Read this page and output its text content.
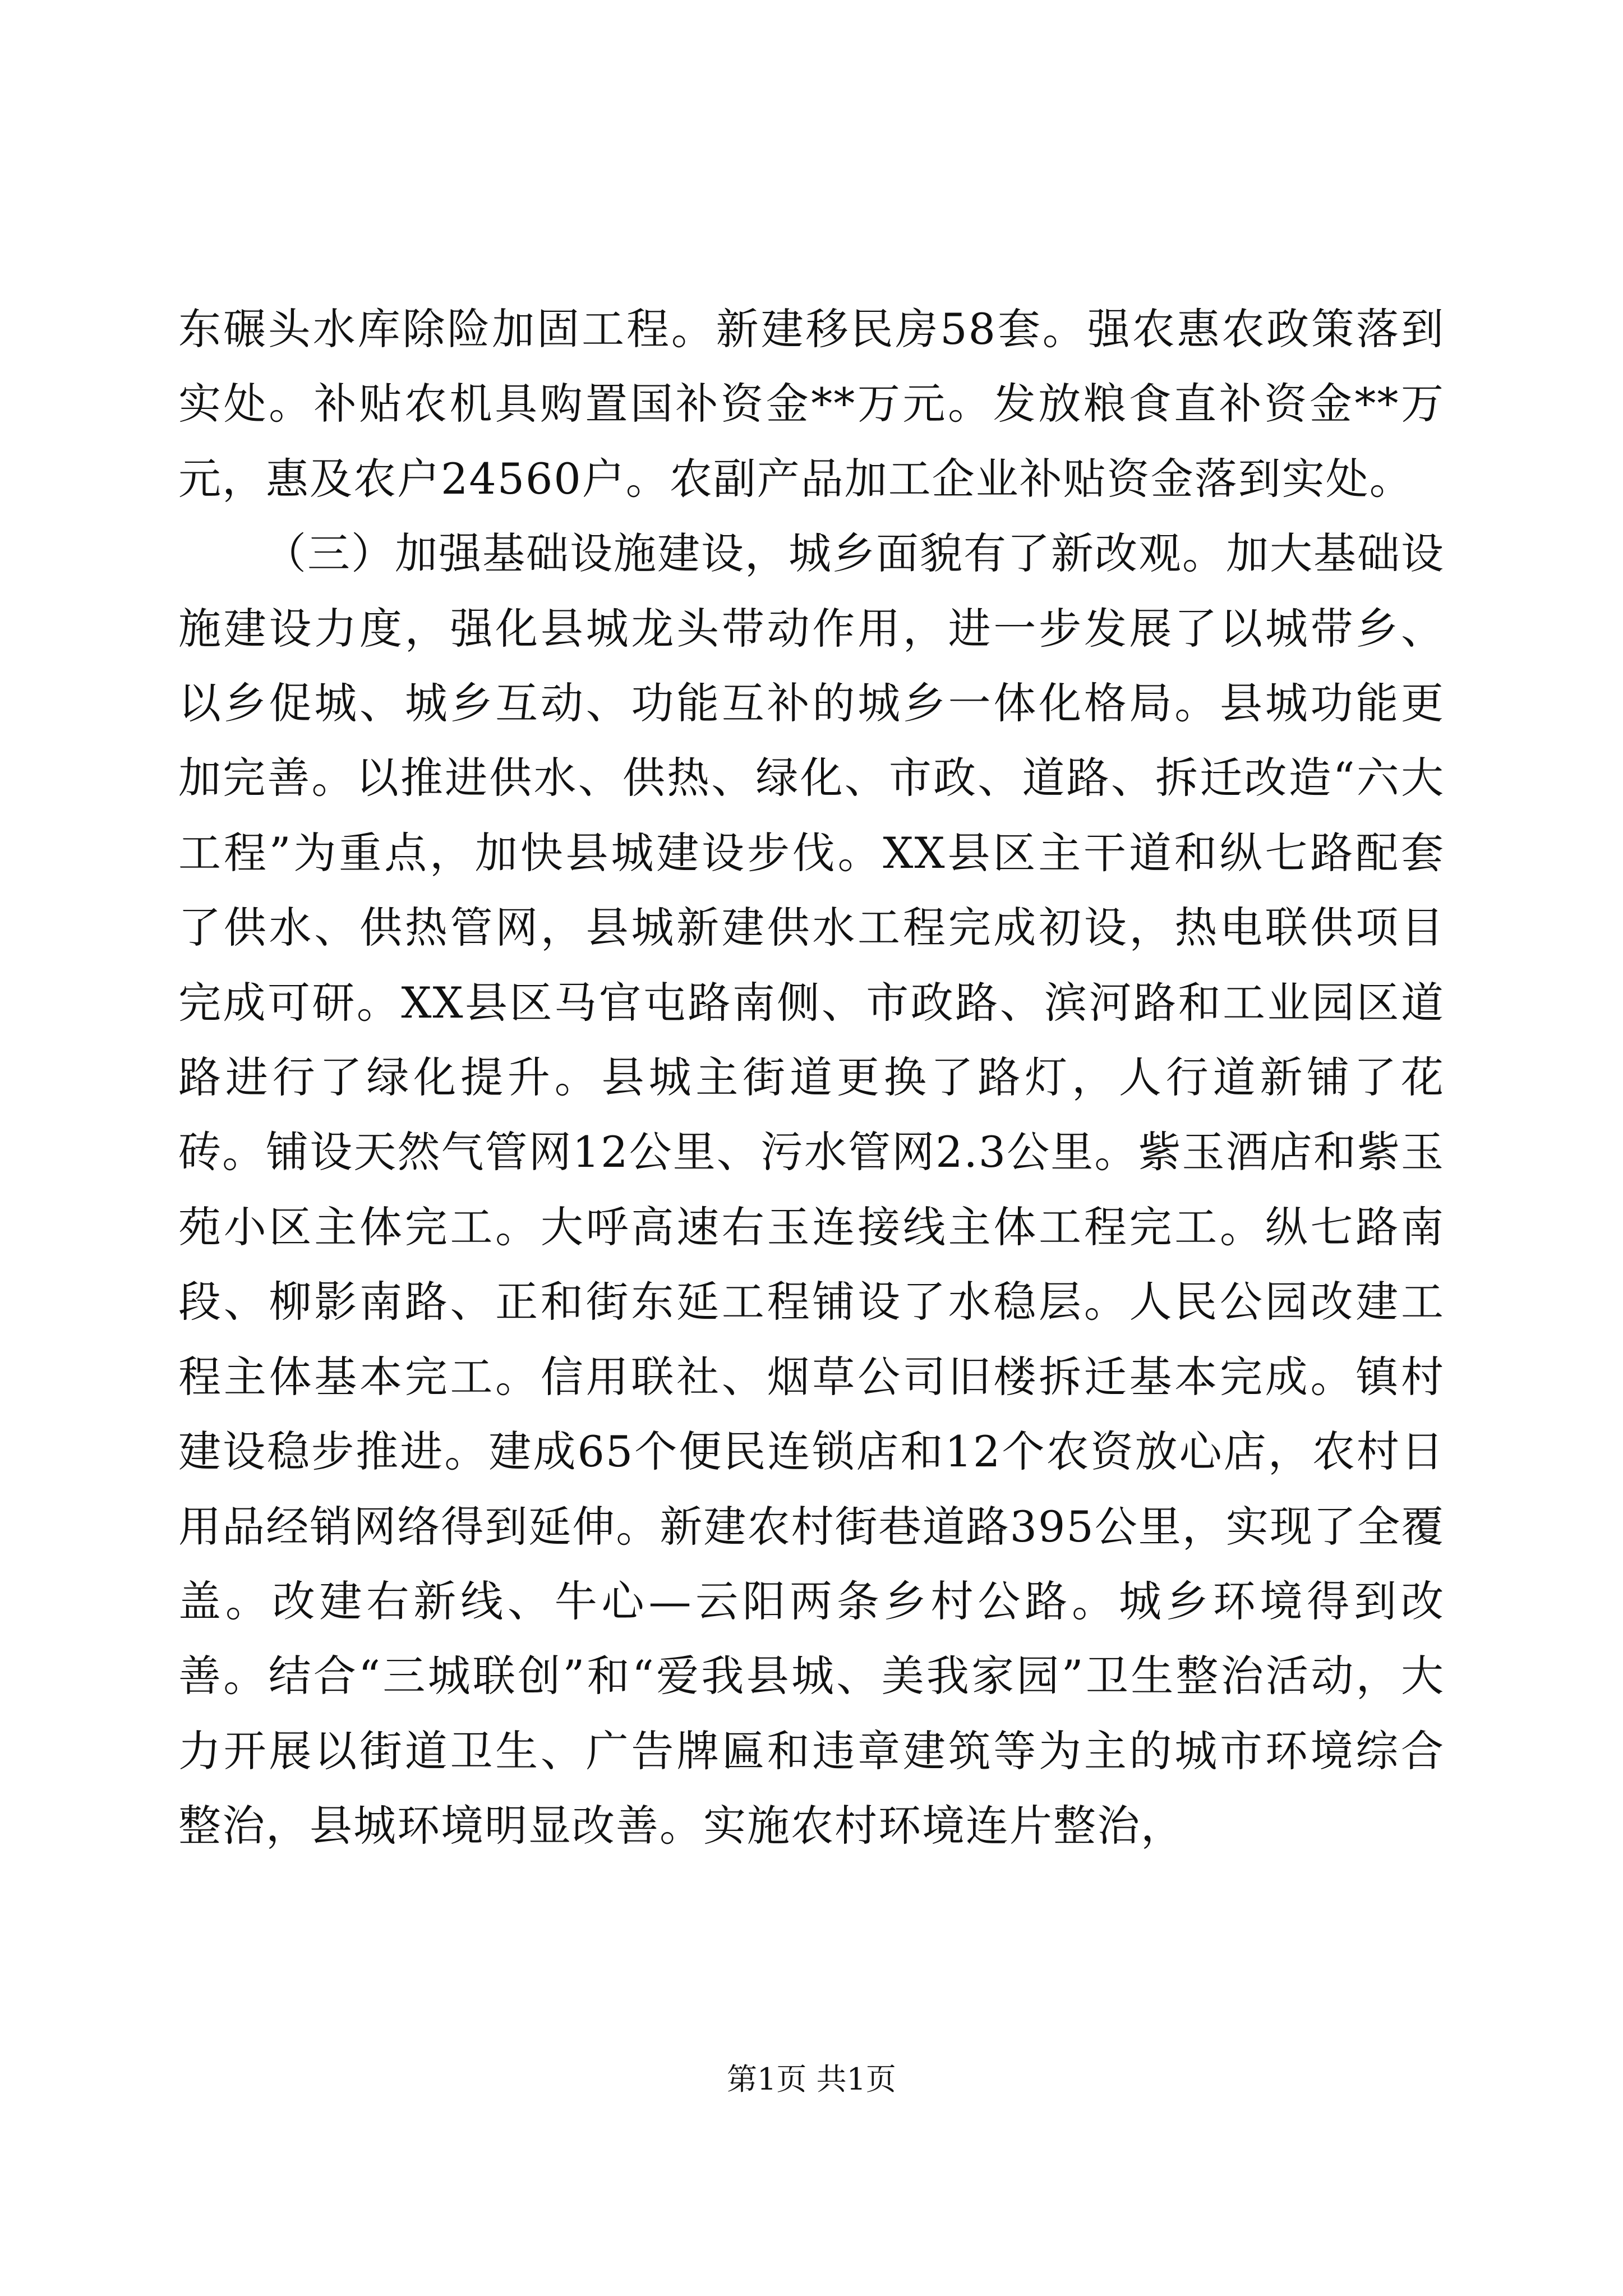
东碾头水库除险加固工程。新建移民房58套。强农惠农政策落到实处。补贴农机具购置国补资金**万元。发放粮食直补资金**万元，惠及农户24560户。农副产品加工企业补贴资金落到实处。

（三）加强基础设施建设，城乡面貌有了新改观。加大基础设施建设力度，强化县城龙头带动作用，进一步发展了以城带乡、以乡促城、城乡互动、功能互补的城乡一体化格局。县城功能更加完善。以推进供水、供热、绿化、市政、道路、拆迁改造“六大工程”为重点，加快县城建设步伐。XX县区主干道和纵七路配套了供水、供热管网，县城新建供水工程完成初设，热电联供项目完成可研。XX县区马官屯路南侧、市政路、滨河路和工业园区道路进行了绿化提升。县城主街道更换了路灯，人行道新铺了花砖。铺设天然气管网12公里、污水管网2.3公里。紫玉酒店和紫玉苑小区主体完工。大呼高速右玉连接线主体工程完工。纵七路南段、柳影南路、正和街东延工程铺设了水稳层。人民公园改建工程主体基本完工。信用联社、烟草公司旧楼拆迁基本完成。镇村建设稳步推进。建成65个便民连锁店和12个农资放心店，农村日用品经销网络得到延伸。新建农村街巷道路395公里，实现了全覆盖。改建右新线、牛心—云阳两条乡村公路。城乡环境得到改善。结合“三城联创”和“爱我县城、美我家园”卫生整治活动，大力开展以街道卫生、广告牌匾和违章建筑等为主的城市环境综合整治，县城环境明显改善。实施农村环境连片整治，

第1页 共1页
